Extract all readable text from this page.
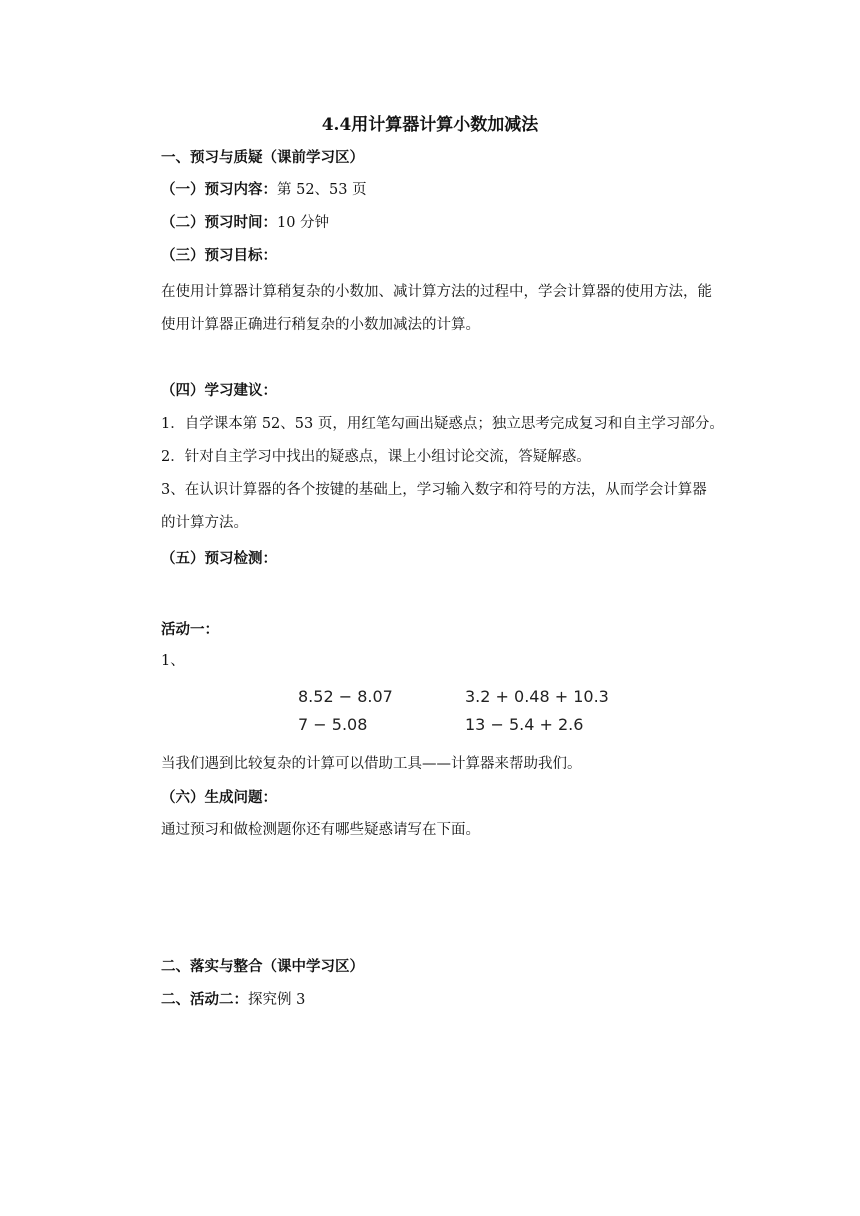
4.4用计算器计算小数加减法
一、预习与质疑（课前学习区）
（一）预习内容：第 52、53 页
（二）预习时间：10 分钟
（三）预习目标：
在使用计算器计算稍复杂的小数加、减计算方法的过程中，学会计算器的使用方法，能
使用计算器正确进行稍复杂的小数加减法的计算。
（四）学习建议：
1．自学课本第 52、53 页，用红笔勾画出疑惑点；独立思考完成复习和自主学习部分。
2．针对自主学习中找出的疑惑点，课上小组讨论交流，答疑解惑。
3、在认识计算器的各个按键的基础上，学习输入数字和符号的方法，从而学会计算器
的计算方法。
（五）预习检测：
活动一：
1、
8.52 − 8.07	3.2 + 0.48 + 10.3
7 − 5.08	13 − 5.4 + 2.6
当我们遇到比较复杂的计算可以借助工具——计算器来帮助我们。
（六）生成问题：
通过预习和做检测题你还有哪些疑惑请写在下面。
二、落实与整合（课中学习区）
二、活动二：探究例 3
